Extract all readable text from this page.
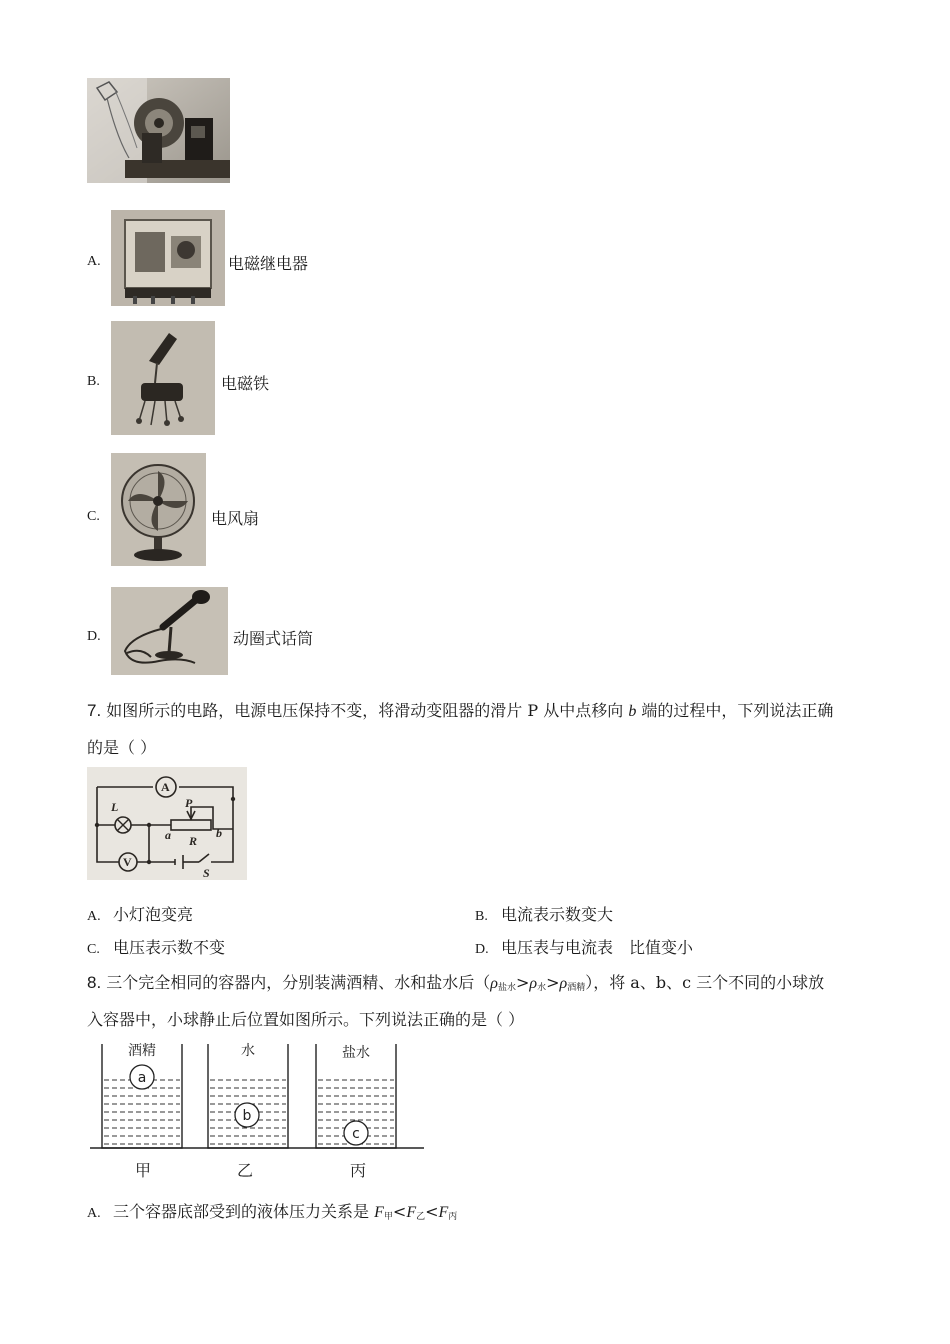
A.	电磁继电器
B.	电磁铁
C.	电风扇
D.	动圈式话筒
7. 如图所示的电路，电源电压保持不变，将滑动变阻器的滑片 P 从中点移向 b 端的过程中，下列说法正确
的是（ ）
A
L
V
P
R
a	b
S
A. 小灯泡变亮	B. 电流表示数变大
C. 电压表示数不变	D. 电压表与电流表　比值变小
8. 三个完全相同的容器内，分别装满酒精、水和盐水后$(\rho_{盐水}>\rho_水>\rho_{酒精})$，将 a、b、c 三个不同的小球放
入容器中，小球静止后位置如图所示。下列说法正确的是（ ）
a
b
c
酒精	水	盐水
甲	乙	丙
A. 三个容器底部受到的液体压力关系是 $F_甲<F_乙<F_丙$
